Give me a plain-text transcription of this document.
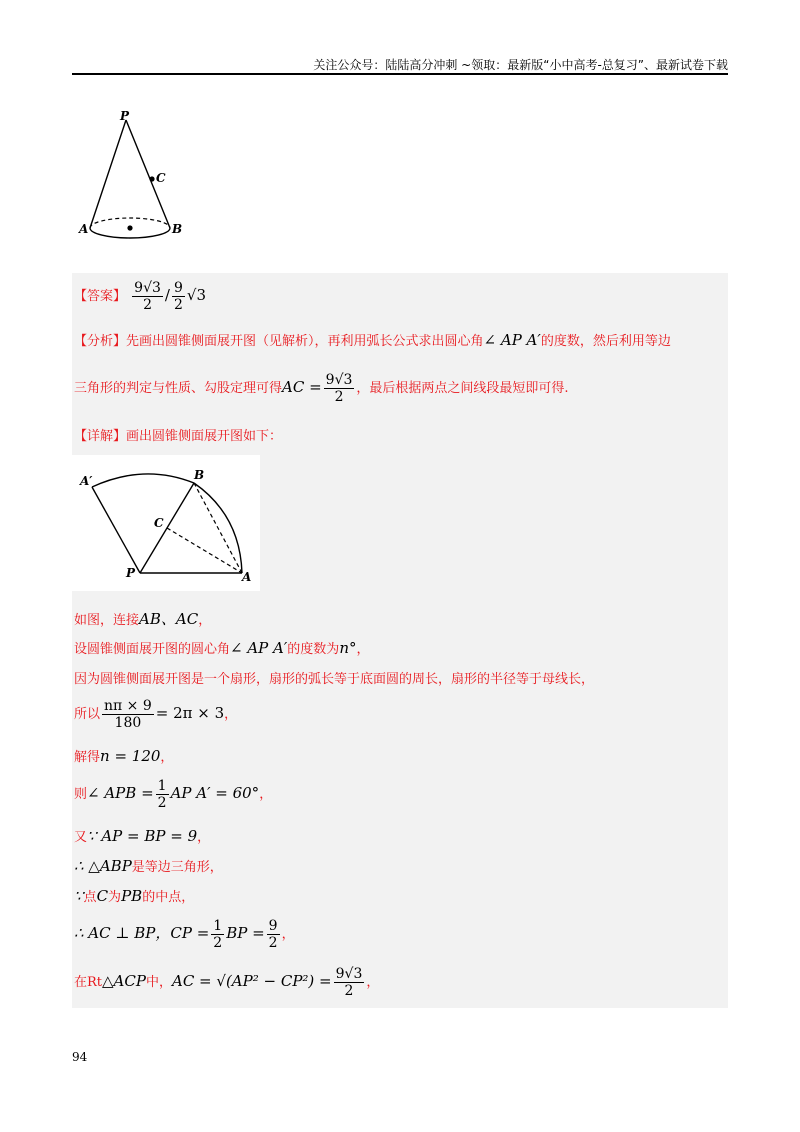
关注公众号：陆陆高分冲刺 ~领取：最新版“小中高考-总复习”、最新试卷下载
P
C
A	B
【答案】 $\frac{9√3}{2} / \frac{9}{2} √3$
【分析】先画出圆锥侧面展开图（见解析），再利用弧长公式求出圆心角∠ AP A′的度数，然后利用等边
三角形的判定与性质、勾股定理可得AC = $\frac{9√3}{2}$ ，最后根据两点之间线段最短即可得.
【详解】画出圆锥侧面展开图如下：
A′	B
C
P	A
如图，连接AB、AC，
设圆锥侧面展开图的圆心角∠ AP A′的度数为n°，
因为圆锥侧面展开图是一个扇形，扇形的弧长等于底面圆的周长，扇形的半径等于母线长，
所以 $\frac{n\pi \times 9}{180} = 2\pi \times 3$，
解得n = 120，
则∠ APB = $\frac{1}{2}$ AP A′ = 60°，
又∵ AP = BP = 9，
∴ △ABP是等边三角形，
∵点C为PB的中点，
∴ AC ⊥ BP，CP = $\frac{1}{2}$ BP = $\frac{9}{2}$ ，
在Rt△ACP中，AC = $√(AP^2 - CP^2) = \frac{9√3}{2}$ ，
94
